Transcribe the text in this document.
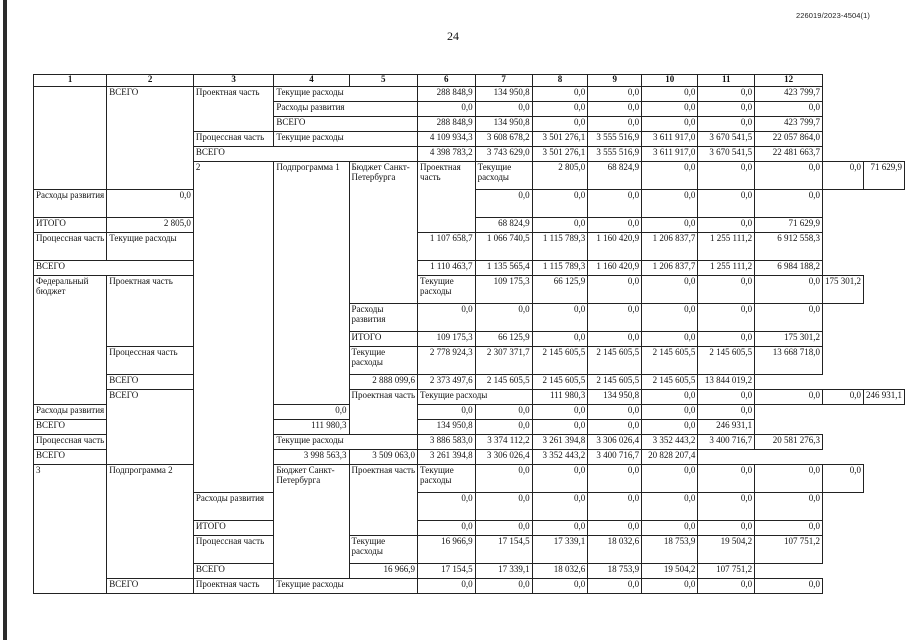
226019/2023-4504(1)
24
1	2	3	4	5	6	7	8	9	10	11	12		
	ВСЕГО	Проектная часть	Текущие расходы		288 848,9	134 950,8	0,0	0,0	0,0	0,0	423 799,7		
			Расходы развития		0,0	0,0	0,0	0,0	0,0	0,0	0,0		
			ВСЕГО		288 848,9	134 950,8	0,0	0,0	0,0	0,0	423 799,7		
		Процессная часть	Текущие расходы		4 109 934,3	3 608 678,2	3 501 276,1	3 555 516,9	3 611 917,0	3 670 541,5	22 057 864,0		
		ВСЕГО			4 398 783,2	3 743 629,0	3 501 276,1	3 555 516,9	3 611 917,0	3 670 541,5	22 481 663,7		
		2	Подпрограмма 1	Бюджет Санкт-Петербурга	Проектная часть	Текущие расходы	2 805,0	68 824,9	0,0	0,0	0,0	0,0	71 629,9
Расходы развития	0,0					0,0	0,0	0,0	0,0	0,0	0,0		
ИТОГО	2 805,0					68 824,9	0,0	0,0	0,0	0,0	71 629,9		
Процессная часть	Текущие расходы				1 107 658,7	1 066 740,5	1 115 789,3	1 160 420,9	1 206 837,7	1 255 111,2	6 912 558,3		
ВСЕГО					1 110 463,7	1 135 565,4	1 115 789,3	1 160 420,9	1 206 837,7	1 255 111,2	6 984 188,2		
Федеральный бюджет	Проектная часть				Текущие расходы	109 175,3	66 125,9	0,0	0,0	0,0	0,0	175 301,2	
				Расходы развития	0,0	0,0	0,0	0,0	0,0	0,0	0,0		
				ИТОГО	109 175,3	66 125,9	0,0	0,0	0,0	0,0	175 301,2		
	Процессная часть			Текущие расходы	2 778 924,3	2 307 371,7	2 145 605,5	2 145 605,5	2 145 605,5	2 145 605,5	13 668 718,0		
	ВСЕГО			2 888 099,6	2 373 497,6	2 145 605,5	2 145 605,5	2 145 605,5	2 145 605,5	13 844 019,2			
	ВСЕГО			Проектная часть	Текущие расходы		111 980,3	134 950,8	0,0	0,0	0,0	0,0	246 931,1
Расходы развития			0,0		0,0	0,0	0,0	0,0	0,0	0,0			
ВСЕГО			111 980,3		134 950,8	0,0	0,0	0,0	0,0	246 931,1			
Процессная часть			Текущие расходы		3 886 583,0	3 374 112,2	3 261 394,8	3 306 026,4	3 352 443,2	3 400 716,7	20 581 276,3		
ВСЕГО			3 998 563,3	3 509 063,0	3 261 394,8	3 306 026,4	3 352 443,2	3 400 716,7	20 828 207,4				
3	Подпрограмма 2		Бюджет Санкт-Петербурга	Проектная часть	Текущие расходы	0,0	0,0	0,0	0,0	0,0	0,0	0,0	
		Расходы развития			0,0	0,0	0,0	0,0	0,0	0,0	0,0		
		ИТОГО			0,0	0,0	0,0	0,0	0,0	0,0	0,0		
		Процессная часть		Текущие расходы	16 966,9	17 154,5	17 339,1	18 032,6	18 753,9	19 504,2	107 751,2		
		ВСЕГО		16 966,9	17 154,5	17 339,1	18 032,6	18 753,9	19 504,2	107 751,2			
	ВСЕГО	Проектная часть	Текущие расходы		0,0	0,0	0,0	0,0	0,0	0,0	0,0		
